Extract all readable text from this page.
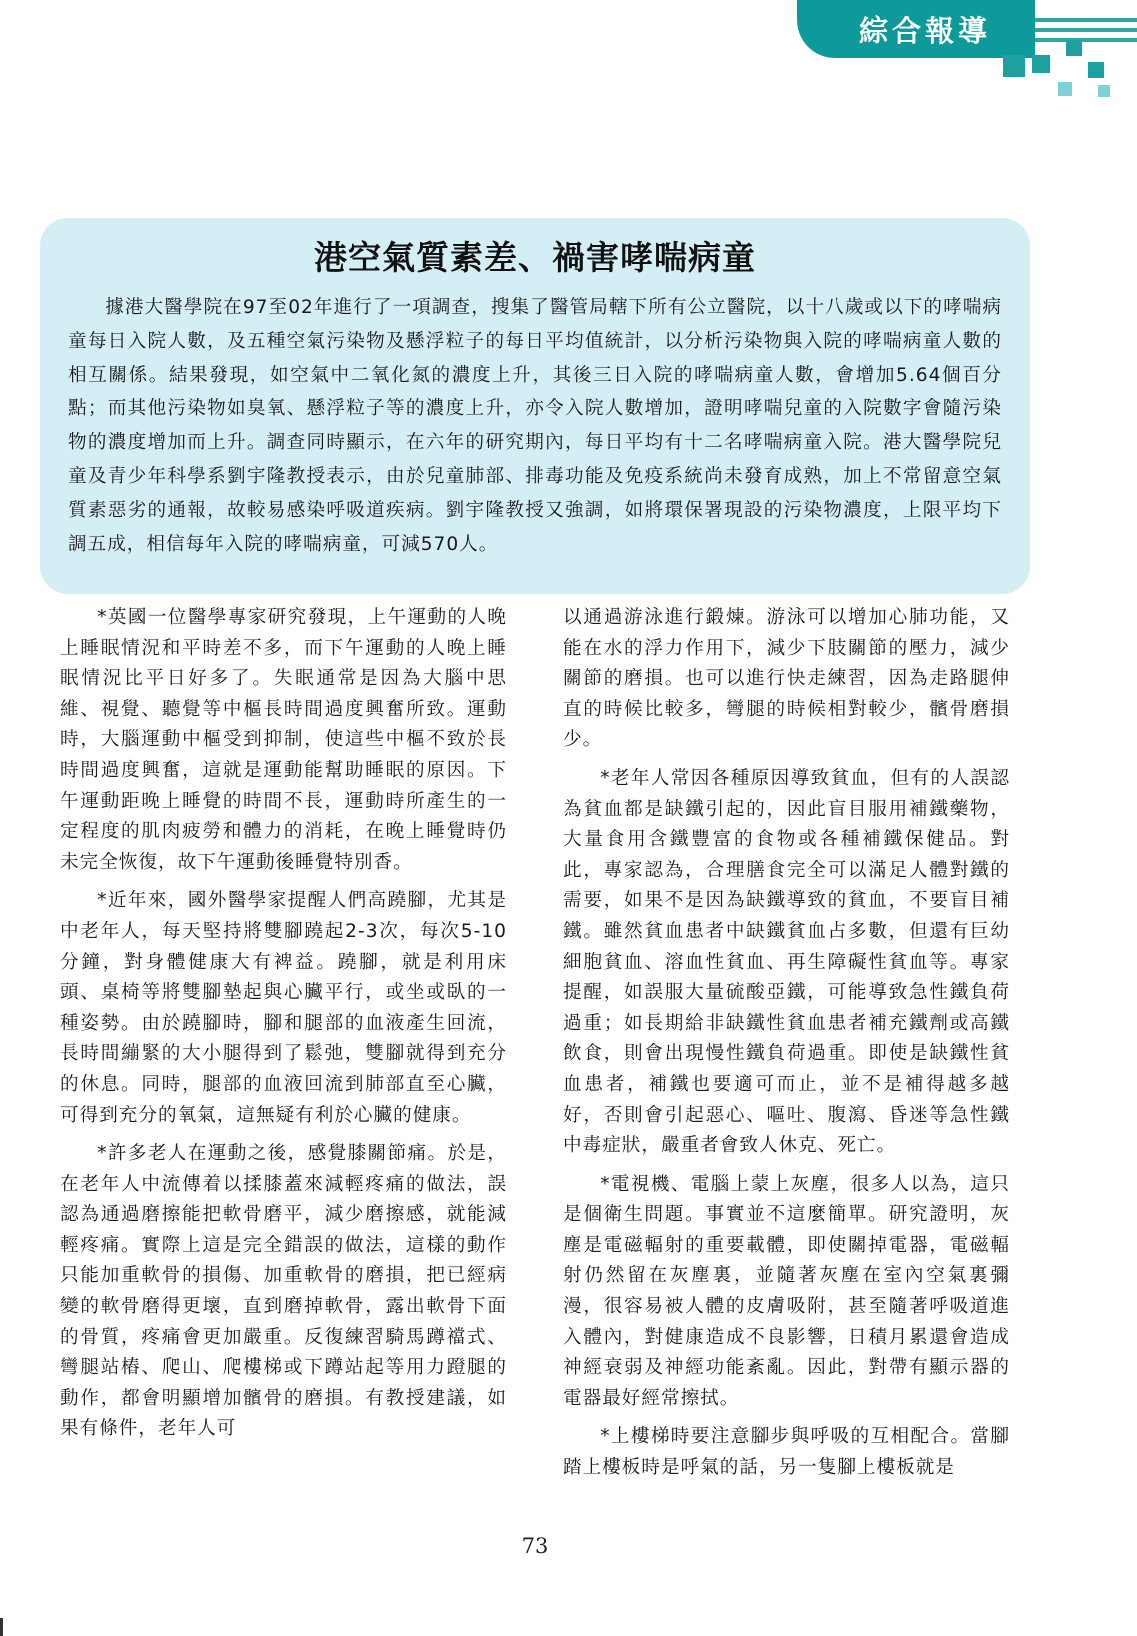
綜合報導
港空氣質素差、禍害哮喘病童

據港大醫學院在97至02年進行了一項調查，搜集了醫管局轄下所有公立醫院，以十八歲或以下的哮喘病童每日入院人數，及五種空氣污染物及懸浮粒子的每日平均值統計，以分析污染物與入院的哮喘病童人數的相互關係。結果發現，如空氣中二氧化氮的濃度上升，其後三日入院的哮喘病童人數，會增加5.64個百分點；而其他污染物如臭氧、懸浮粒子等的濃度上升，亦令入院人數增加，證明哮喘兒童的入院數字會隨污染物的濃度增加而上升。調查同時顯示，在六年的研究期內，每日平均有十二名哮喘病童入院。港大醫學院兒童及青少年科學系劉宇隆教授表示，由於兒童肺部、排毒功能及免疫系統尚未發育成熟，加上不常留意空氣質素惡劣的通報，故較易感染呼吸道疾病。劉宇隆教授又強調，如將環保署現設的污染物濃度，上限平均下調五成，相信每年入院的哮喘病童，可減570人。

*英國一位醫學專家研究發現，上午運動的人晚上睡眠情況和平時差不多，而下午運動的人晚上睡眠情況比平日好多了。失眠通常是因為大腦中思維、視覺、聽覺等中樞長時間過度興奮所致。運動時，大腦運動中樞受到抑制，使這些中樞不致於長時間過度興奮，這就是運動能幫助睡眠的原因。下午運動距晚上睡覺的時間不長，運動時所產生的一定程度的肌肉疲勞和體力的消耗，在晚上睡覺時仍未完全恢復，故下午運動後睡覺特別香。

*近年來，國外醫學家提醒人們高蹺腳，尤其是中老年人，每天堅持將雙腳蹺起2-3次，每次5-10分鐘，對身體健康大有裨益。蹺腳，就是利用床頭、桌椅等將雙腳墊起與心臟平行，或坐或臥的一種姿勢。由於蹺腳時，腳和腿部的血液產生回流，長時間繃緊的大小腿得到了鬆弛，雙腳就得到充分的休息。同時，腿部的血液回流到肺部直至心臟，可得到充分的氧氣，這無疑有利於心臟的健康。

*許多老人在運動之後，感覺膝關節痛。於是，在老年人中流傳着以揉膝蓋來減輕疼痛的做法，誤認為通過磨擦能把軟骨磨平，減少磨擦感，就能減輕疼痛。實際上這是完全錯誤的做法，這樣的動作只能加重軟骨的損傷、加重軟骨的磨損，把已經病變的軟骨磨得更壞，直到磨掉軟骨，露出軟骨下面的骨質，疼痛會更加嚴重。反復練習騎馬蹲襠式、彎腿站樁、爬山、爬樓梯或下蹲站起等用力蹬腿的動作，都會明顯增加髕骨的磨損。有教授建議，如果有條件，老年人可

以通過游泳進行鍛煉。游泳可以增加心肺功能，又能在水的浮力作用下，減少下肢關節的壓力，減少關節的磨損。也可以進行快走練習，因為走路腿伸直的時候比較多，彎腿的時候相對較少，髕骨磨損少。

*老年人常因各種原因導致貧血，但有的人誤認為貧血都是缺鐵引起的，因此盲目服用補鐵藥物，大量食用含鐵豐富的食物或各種補鐵保健品。對此，專家認為，合理膳食完全可以滿足人體對鐵的需要，如果不是因為缺鐵導致的貧血，不要盲目補鐵。雖然貧血患者中缺鐵貧血占多數，但還有巨幼細胞貧血、溶血性貧血、再生障礙性貧血等。專家提醒，如誤服大量硫酸亞鐵，可能導致急性鐵負荷過重；如長期給非缺鐵性貧血患者補充鐵劑或高鐵飲食，則會出現慢性鐵負荷過重。即使是缺鐵性貧血患者，補鐵也要適可而止，並不是補得越多越好，否則會引起惡心、嘔吐、腹瀉、昏迷等急性鐵中毒症狀，嚴重者會致人休克、死亡。

*電視機、電腦上蒙上灰塵，很多人以為，這只是個衛生問題。事實並不這麼簡單。研究證明，灰塵是電磁輻射的重要載體，即使關掉電器，電磁輻射仍然留在灰塵裏，並隨著灰塵在室內空氣裏彌漫，很容易被人體的皮膚吸附，甚至隨著呼吸道進入體內，對健康造成不良影響，日積月累還會造成神經衰弱及神經功能紊亂。因此，對帶有顯示器的電器最好經常擦拭。

*上樓梯時要注意腳步與呼吸的互相配合。當腳踏上樓板時是呼氣的話，另一隻腳上樓板就是

73
